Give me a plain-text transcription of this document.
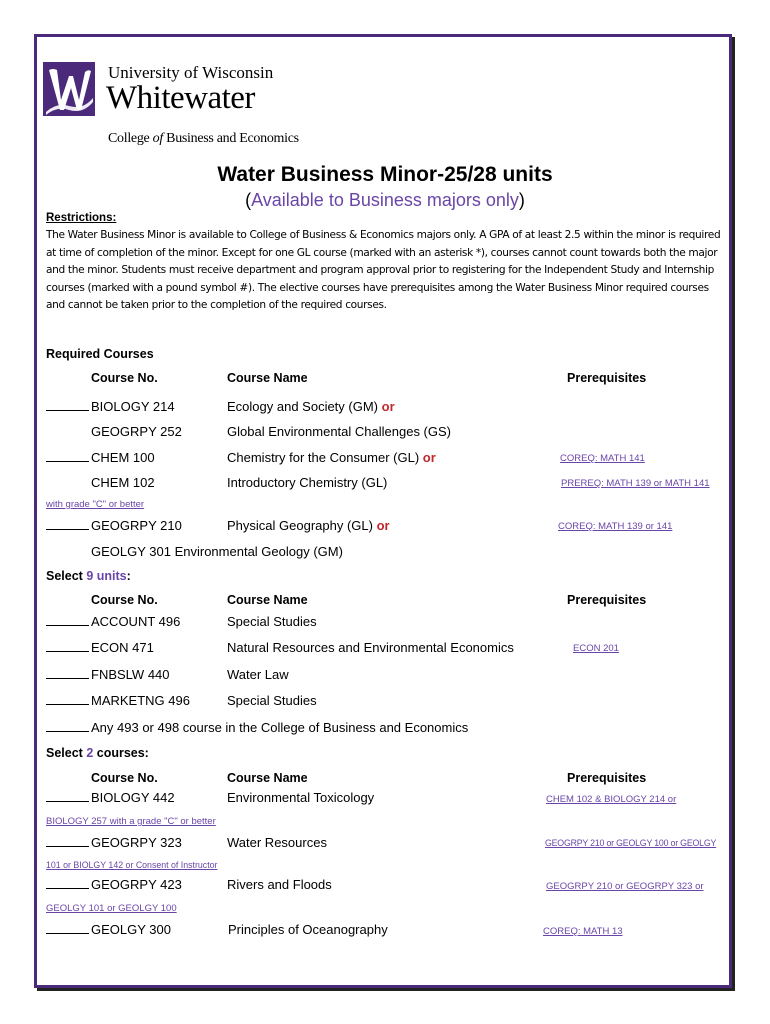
University of Wisconsin
Whitewater
College of Business and Economics
Water Business Minor-25/28 units
(Available to Business majors only)
Restrictions:
The Water Business Minor is available to College of Business & Economics majors only. A GPA of at least 2.5 within the minor is required at time of completion of the minor. Except for one GL course (marked with an asterisk *), courses cannot count towards both the major and the minor. Students must receive department and program approval prior to registering for the Independent Study and Internship courses (marked with a pound symbol #). The elective courses have prerequisites among the Water Business Minor required courses and cannot be taken prior to the completion of the required courses.
Required Courses
Course No.	Course Name	Prerequisites
BIOLOGY 214	Ecology and Society (GM) or
GEOGRPY 252	Global Environmental Challenges (GS)
CHEM 100	Chemistry for the Consumer (GL) or	COREQ: MATH 141
CHEM 102	Introductory Chemistry (GL)	PREREQ: MATH 139 or MATH 141
with grade "C" or better
GEOGRPY 210	Physical Geography (GL) or	COREQ: MATH 139 or 141
GEOLGY 301 Environmental Geology (GM)
Select 9 units:
Course No.	Course Name	Prerequisites
ACCOUNT 496	Special Studies
ECON 471	Natural Resources and Environmental Economics	ECON 201
FNBSLW 440	Water Law
MARKETNG 496	Special Studies
Any 493 or 498 course in the College of Business and Economics
Select 2 courses:
Course No.	Course Name	Prerequisites
BIOLOGY 442	Environmental Toxicology	CHEM 102 & BIOLOGY 214 or
BIOLOGY 257 with a grade "C" or better
GEOGRPY 323	Water Resources	GEOGRPY 210 or GEOLGY 100 or GEOLGY
101 or BIOLGY 142 or Consent of Instructor
GEOGRPY 423	Rivers and Floods	GEOGRPY 210 or GEOGRPY 323 or
GEOLGY 101 or GEOLGY 100
GEOLGY 300	Principles of Oceanography	COREQ: MATH 13
